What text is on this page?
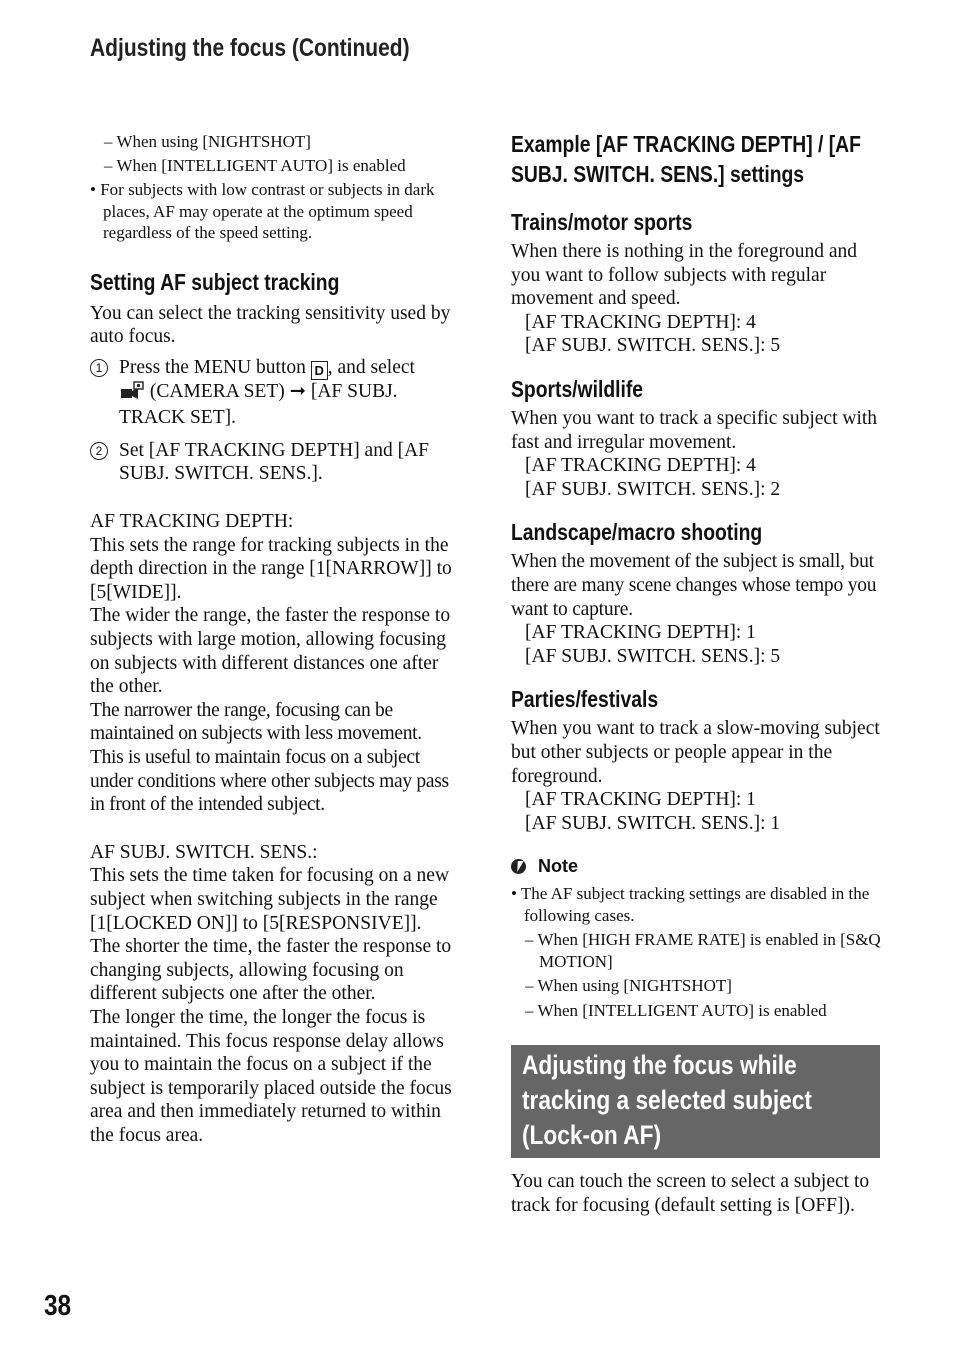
Adjusting the focus (Continued)
– When using [NIGHTSHOT]
– When [INTELLIGENT AUTO] is enabled
• For subjects with low contrast or subjects in dark places, AF may operate at the optimum speed regardless of the speed setting.
Setting AF subject tracking
You can select the tracking sensitivity used by auto focus.
1 Press the MENU button D , and select
(CAMERA SET) ➞ [AF SUBJ. TRACK SET].
2 Set [AF TRACKING DEPTH] and [AF SUBJ. SWITCH. SENS.].
AF TRACKING DEPTH:
This sets the range for tracking subjects in the depth direction in the range [1[NARROW]] to [5[WIDE]].
The wider the range, the faster the response to subjects with large motion, allowing focusing on subjects with different distances one after the other.
The narrower the range, focusing can be maintained on subjects with less movement. This is useful to maintain focus on a subject under conditions where other subjects may pass in front of the intended subject.
AF SUBJ. SWITCH. SENS.:
This sets the time taken for focusing on a new subject when switching subjects in the range [1[LOCKED ON]] to [5[RESPONSIVE]].
The shorter the time, the faster the response to changing subjects, allowing focusing on different subjects one after the other.
The longer the time, the longer the focus is maintained. This focus response delay allows you to maintain the focus on a subject if the subject is temporarily placed outside the focus area and then immediately returned to within the focus area.
Example [AF TRACKING DEPTH] / [AF
SUBJ. SWITCH. SENS.] settings
Trains/motor sports
When there is nothing in the foreground and you want to follow subjects with regular movement and speed.
[AF TRACKING DEPTH]: 4
[AF SUBJ. SWITCH. SENS.]: 5
Sports/wildlife
When you want to track a specific subject with fast and irregular movement.
[AF TRACKING DEPTH]: 4
[AF SUBJ. SWITCH. SENS.]: 2
Landscape/macro shooting
When the movement of the subject is small, but there are many scene changes whose tempo you want to capture.
[AF TRACKING DEPTH]: 1
[AF SUBJ. SWITCH. SENS.]: 5
Parties/festivals
When you want to track a slow-moving subject but other subjects or people appear in the foreground.
[AF TRACKING DEPTH]: 1
[AF SUBJ. SWITCH. SENS.]: 1
Note
• The AF subject tracking settings are disabled in the following cases.
– When [HIGH FRAME RATE] is enabled in [S&Q MOTION]
– When using [NIGHTSHOT]
– When [INTELLIGENT AUTO] is enabled
Adjusting the focus while
tracking a selected subject
(Lock-on AF)
You can touch the screen to select a subject to track for focusing (default setting is [OFF]).
38
